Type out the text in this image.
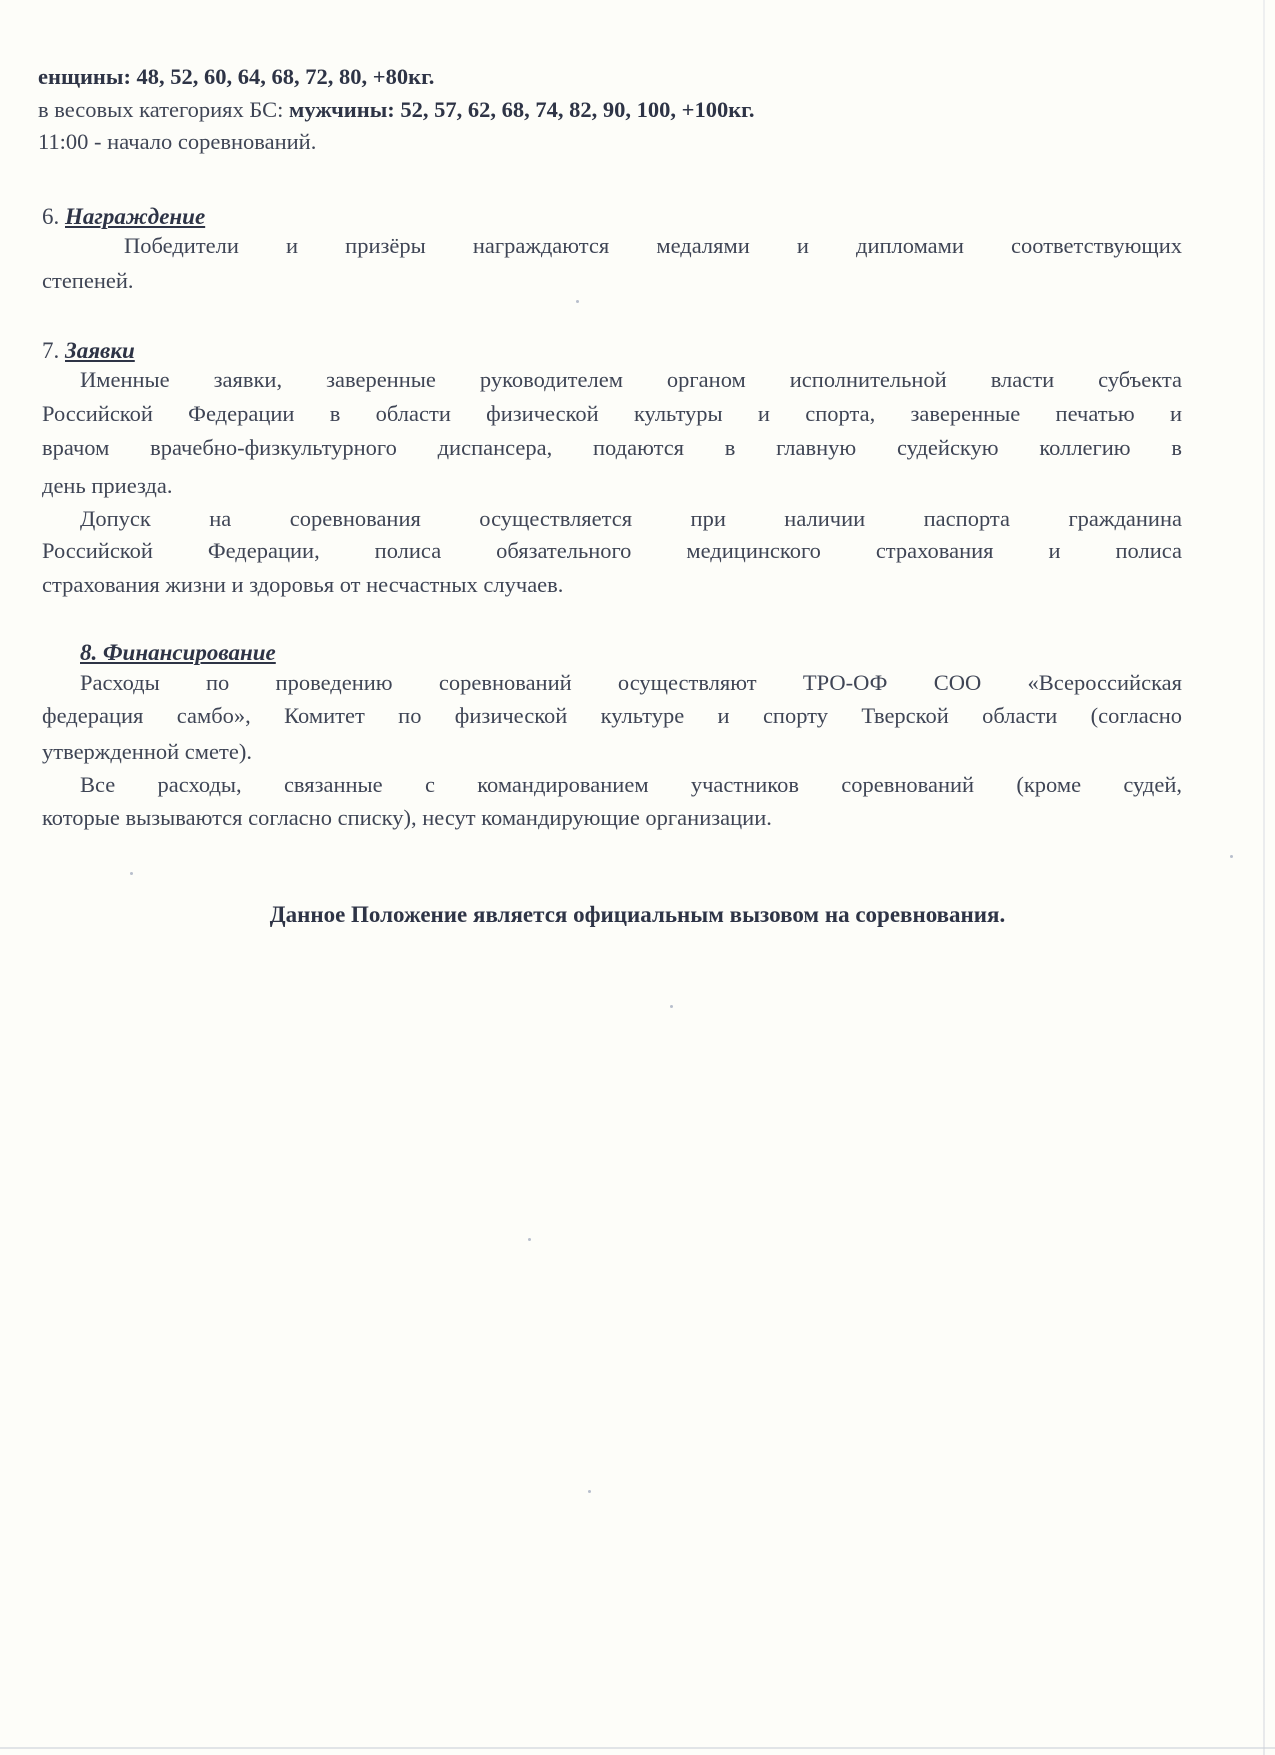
енщины: 48, 52, 60, 64, 68, 72, 80, +80кг.
в весовых категориях БС: мужчины: 52, 57, 62, 68, 74, 82, 90, 100, +100кг.
11:00 - начало соревнований.
6. Награждение
Победители и призёры награждаются медалями и дипломами соответствующих
степеней.
7. Заявки
Именные заявки, заверенные руководителем органом исполнительной власти субъекта
Российской Федерации в области физической культуры и спорта, заверенные печатью и
врачом врачебно-физкультурного диспансера, подаются в главную судейскую коллегию в
день приезда.
Допуск на соревнования осуществляется при наличии паспорта гражданина
Российской Федерации, полиса обязательного медицинского страхования и полиса
страхования жизни и здоровья от несчастных случаев.
8. Финансирование
Расходы по проведению соревнований осуществляют ТРО-ОФ СОО «Всероссийская
федерация самбо», Комитет по физической культуре и спорту Тверской области (согласно
утвержденной смете).
Все расходы, связанные с командированием участников соревнований (кроме судей,
которые вызываются согласно списку), несут командирующие организации.
Данное Положение является официальным вызовом на соревнования.
